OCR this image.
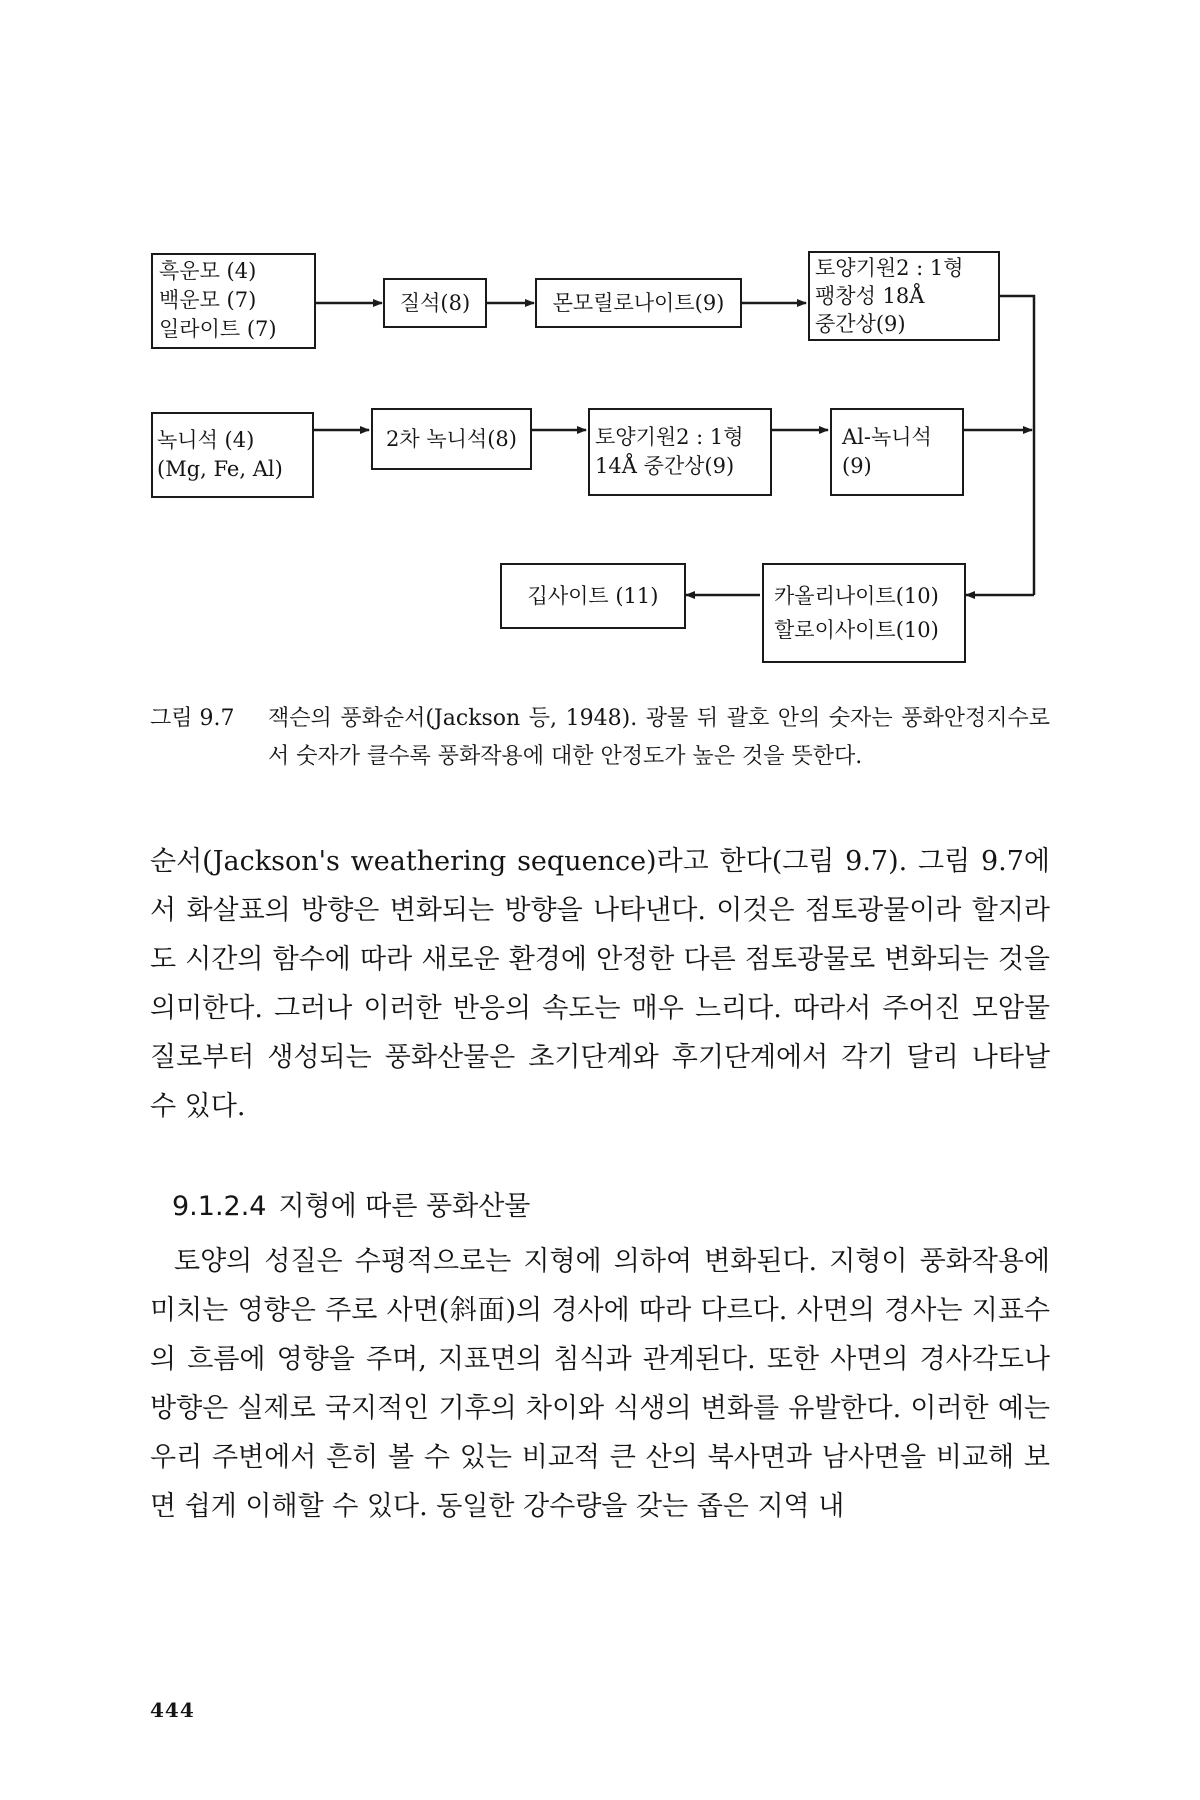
흑운모 (4)
백운모 (7)
일라이트 (7)
질석(8)	몬모릴로나이트(9)
토양기원2 : 1형
팽창성 18Å
중간상(9)
녹니석 (4)
(Mg, Fe, Al)
2차 녹니석(8)	토양기원2 : 1형
14Å 중간상(9)
Al-녹니석
(9)
깁사이트 (11)	카올리나이트(10)
할로이사이트(10)
그림 9.7	잭슨의 풍화순서(Jackson 등, 1948). 광물 뒤 괄호 안의 숫자는 풍화안정지수로서 숫자가 클수록 풍화작용에 대한 안정도가 높은 것을 뜻한다.

순서(Jackson's weathering sequence)라고 한다(그림 9.7). 그림 9.7에서 화살표의 방향은 변화되는 방향을 나타낸다. 이것은 점토광물이라 할지라도 시간의 함수에 따라 새로운 환경에 안정한 다른 점토광물로 변화되는 것을 의미한다. 그러나 이러한 반응의 속도는 매우 느리다. 따라서 주어진 모암물질로부터 생성되는 풍화산물은 초기단계와 후기단계에서 각기 달리 나타날 수 있다.

9.1.2.4 지형에 따른 풍화산물

토양의 성질은 수평적으로는 지형에 의하여 변화된다. 지형이 풍화작용에 미치는 영향은 주로 사면(斜面)의 경사에 따라 다르다. 사면의 경사는 지표수의 흐름에 영향을 주며, 지표면의 침식과 관계된다. 또한 사면의 경사각도나 방향은 실제로 국지적인 기후의 차이와 식생의 변화를 유발한다. 이러한 예는 우리 주변에서 흔히 볼 수 있는 비교적 큰 산의 북사면과 남사면을 비교해 보면 쉽게 이해할 수 있다. 동일한 강수량을 갖는 좁은 지역 내

444
